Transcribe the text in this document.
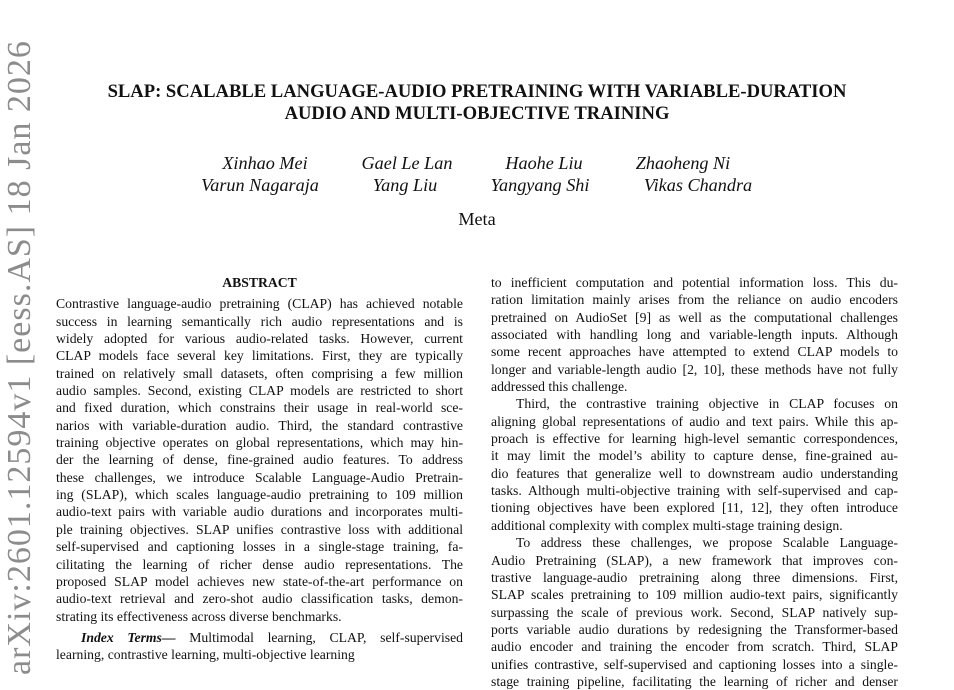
arXiv:2601.12594v1 [eess.AS] 18 Jan 2026	SLAP: SCALABLE LANGUAGE-AUDIO PRETRAINING WITH VARIABLE-DURATION
AUDIO AND MULTI-OBJECTIVE TRAINING
Xinhao Mei	Gael Le Lan	Haohe Liu	Zhaoheng Ni
Varun Nagaraja	Yang Liu	Yangyang Shi	Vikas Chandra
Meta
ABSTRACT
Contrastive language-audio pretraining (CLAP) has achieved notable
success in learning semantically rich audio representations and is
widely adopted for various audio-related tasks. However, current
CLAP models face several key limitations. First, they are typically
trained on relatively small datasets, often comprising a few million
audio samples. Second, existing CLAP models are restricted to short
and fixed duration, which constrains their usage in real-world sce-
narios with variable-duration audio. Third, the standard contrastive
training objective operates on global representations, which may hin-
der the learning of dense, fine-grained audio features. To address
these challenges, we introduce Scalable Language-Audio Pretrain-
ing (SLAP), which scales language-audio pretraining to 109 million
audio-text pairs with variable audio durations and incorporates multi-
ple training objectives. SLAP unifies contrastive loss with additional
self-supervised and captioning losses in a single-stage training, fa-
cilitating the learning of richer dense audio representations. The
proposed SLAP model achieves new state-of-the-art performance on
audio-text retrieval and zero-shot audio classification tasks, demon-
strating its effectiveness across diverse benchmarks.
Index Terms— Multimodal learning, CLAP, self-supervised
learning, contrastive learning, multi-objective learning
to inefficient computation and potential information loss. This du-
ration limitation mainly arises from the reliance on audio encoders
pretrained on AudioSet [9] as well as the computational challenges
associated with handling long and variable-length inputs. Although
some recent approaches have attempted to extend CLAP models to
longer and variable-length audio [2, 10], these methods have not fully
addressed this challenge.
Third, the contrastive training objective in CLAP focuses on
aligning global representations of audio and text pairs. While this ap-
proach is effective for learning high-level semantic correspondences,
it may limit the model’s ability to capture dense, fine-grained au-
dio features that generalize well to downstream audio understanding
tasks. Although multi-objective training with self-supervised and cap-
tioning objectives have been explored [11, 12], they often introduce
additional complexity with complex multi-stage training design.
To address these challenges, we propose Scalable Language-
Audio Pretraining (SLAP), a new framework that improves con-
trastive language-audio pretraining along three dimensions. First,
SLAP scales pretraining to 109 million audio-text pairs, significantly
surpassing the scale of previous work. Second, SLAP natively sup-
ports variable audio durations by redesigning the Transformer-based
audio encoder and training the encoder from scratch. Third, SLAP
unifies contrastive, self-supervised and captioning losses into a single-
stage training pipeline, facilitating the learning of richer and denser
